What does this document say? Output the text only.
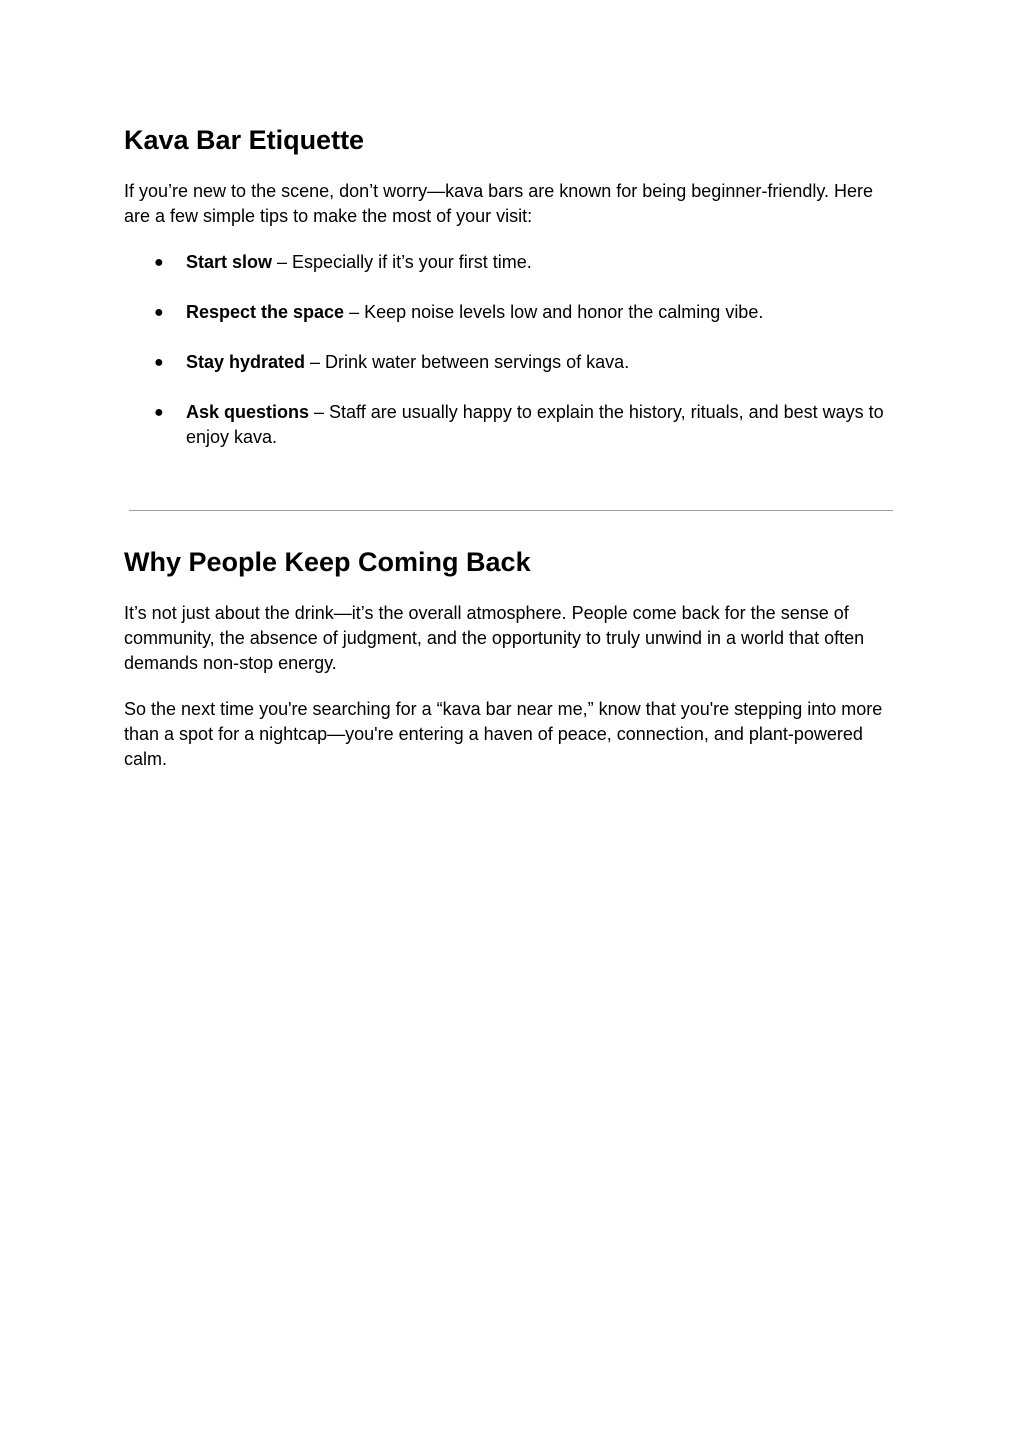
Kava Bar Etiquette

If you’re new to the scene, don’t worry—kava bars are known for being beginner-friendly. Here are a few simple tips to make the most of your visit:

● Start slow – Especially if it’s your first time.
● Respect the space – Keep noise levels low and honor the calming vibe.
● Stay hydrated – Drink water between servings of kava.
● Ask questions – Staff are usually happy to explain the history, rituals, and best ways to enjoy kava.
Why People Keep Coming Back

It’s not just about the drink—it’s the overall atmosphere. People come back for the sense of community, the absence of judgment, and the opportunity to truly unwind in a world that often demands non-stop energy.

So the next time you're searching for a “kava bar near me,” know that you're stepping into more than a spot for a nightcap—you're entering a haven of peace, connection, and plant-powered calm.
